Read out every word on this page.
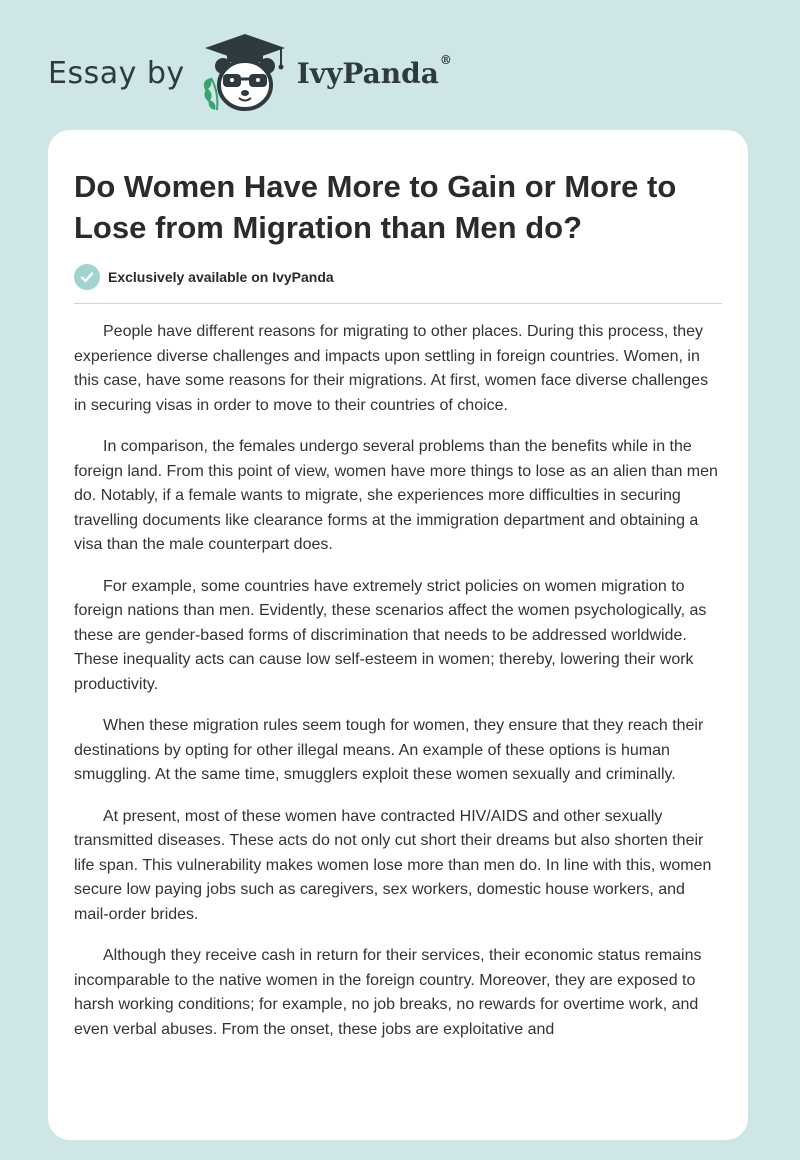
Essay by	IvyPanda®
Do Women Have More to Gain or More to Lose from Migration than Men do?
Exclusively available on IvyPanda

People have different reasons for migrating to other places. During this process, they experience diverse challenges and impacts upon settling in foreign countries. Women, in this case, have some reasons for their migrations. At first, women face diverse challenges in securing visas in order to move to their countries of choice.

In comparison, the females undergo several problems than the benefits while in the foreign land. From this point of view, women have more things to lose as an alien than men do. Notably, if a female wants to migrate, she experiences more difficulties in securing travelling documents like clearance forms at the immigration department and obtaining a visa than the male counterpart does.

For example, some countries have extremely strict policies on women migration to foreign nations than men. Evidently, these scenarios affect the women psychologically, as these are gender-based forms of discrimination that needs to be addressed worldwide. These inequality acts can cause low self-esteem in women; thereby, lowering their work productivity.

When these migration rules seem tough for women, they ensure that they reach their destinations by opting for other illegal means. An example of these options is human smuggling. At the same time, smugglers exploit these women sexually and criminally.

At present, most of these women have contracted HIV/AIDS and other sexually transmitted diseases. These acts do not only cut short their dreams but also shorten their life span. This vulnerability makes women lose more than men do. In line with this, women secure low paying jobs such as caregivers, sex workers, domestic house workers, and mail-order brides.

Although they receive cash in return for their services, their economic status remains incomparable to the native women in the foreign country. Moreover, they are exposed to harsh working conditions; for example, no job breaks, no rewards for overtime work, and even verbal abuses. From the onset, these jobs are exploitative and
